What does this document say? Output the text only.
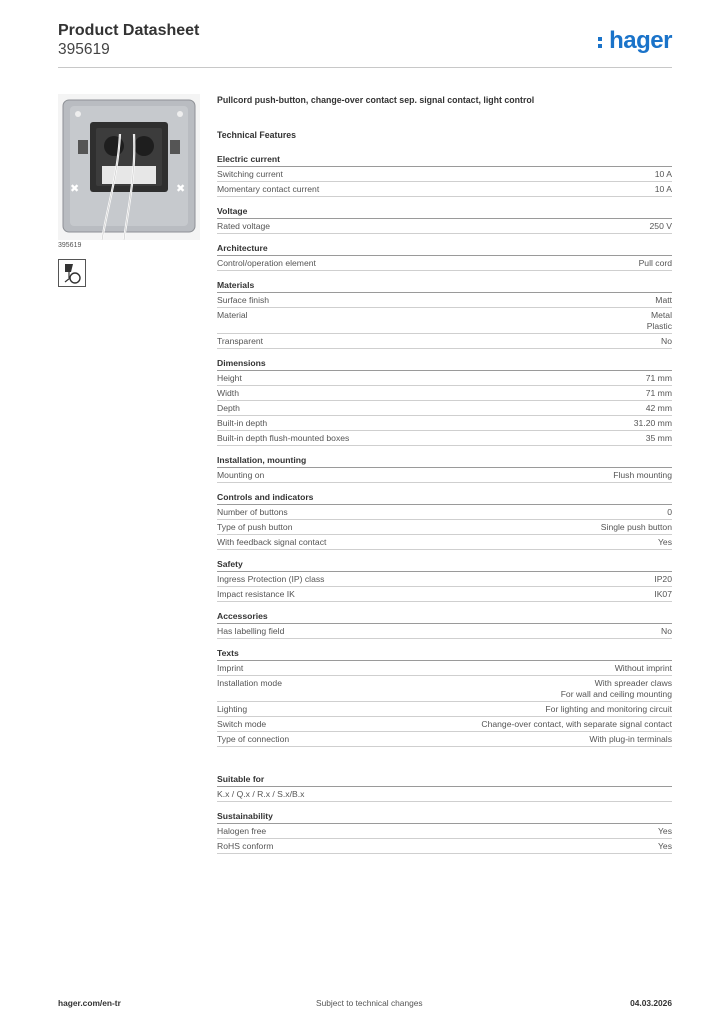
Product Datasheet
395619	hager
✖	✖
395619
Pullcord push-button, change-over contact sep. signal contact, light control
Technical Features
Electric current
Switching current	10 A
Momentary contact current	10 A
Voltage
Rated voltage	250 V
Architecture
Control/operation element	Pull cord
Materials
Surface finish	Matt
Material	Metal
Plastic
Transparent	No
Dimensions
Height	71 mm
Width	71 mm
Depth	42 mm
Built-in depth	31.20 mm
Built-in depth flush-mounted boxes	35 mm
Installation, mounting
Mounting on	Flush mounting
Controls and indicators
Number of buttons	0
Type of push button	Single push button
With feedback signal contact	Yes
Safety
Ingress Protection (IP) class	IP20
Impact resistance IK	IK07
Accessories
Has labelling field	No
Texts
Imprint	Without imprint
Installation mode	With spreader claws
For wall and ceiling mounting
Lighting	For lighting and monitoring circuit
Switch mode	Change-over contact, with separate signal contact
Type of connection	With plug-in terminals
Suitable for
K.x / Q.x / R.x / S.x/B.x
Sustainability
Halogen free	Yes
RoHS conform	Yes
hager.com/en-tr	Subject to technical changes	04.03.2026
